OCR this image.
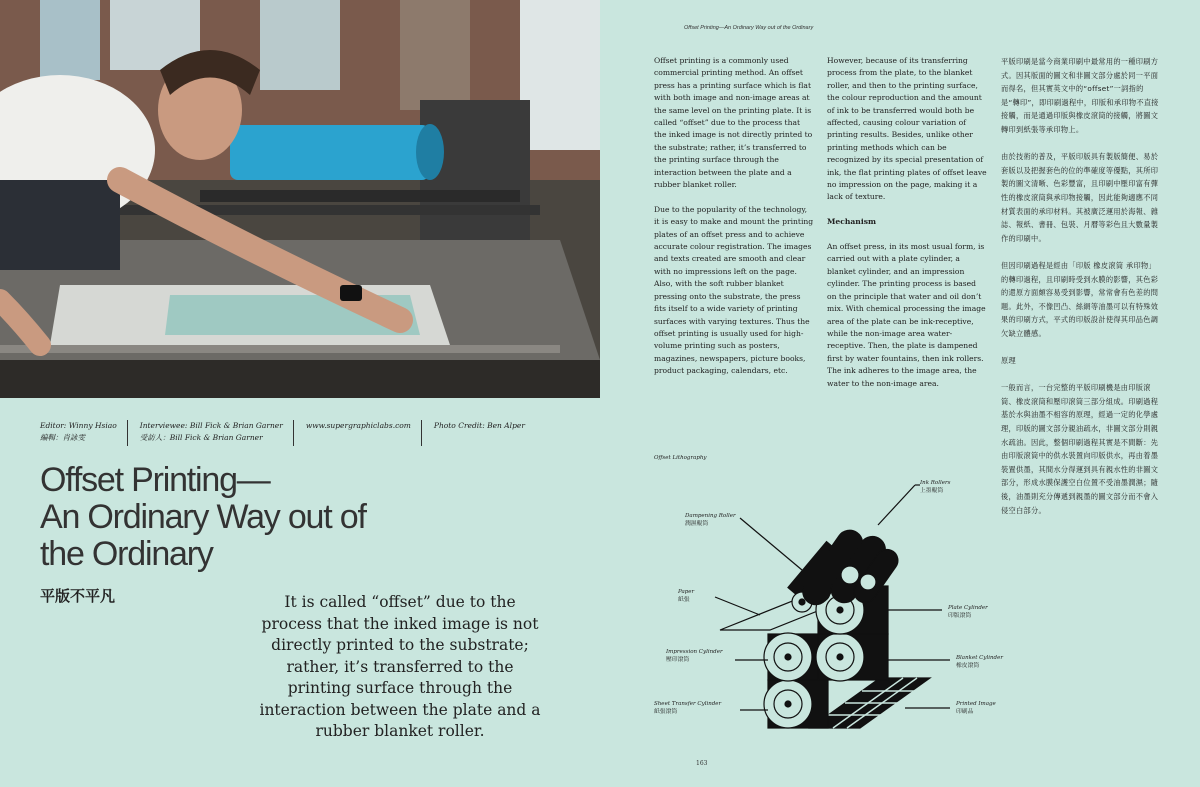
Editor: Winny Hsiao
編輯：肖詠雯
Interviewee: Bill Fick & Brian Garner
受訪人：Bill Fick & Brian Garner
www.supergraphiclabs.com	Photo Credit: Ben Alper
Offset Printing—
An Ordinary Way out of
the Ordinary
平版不平凡	It is called “offset” due to the process that the inked image is not directly printed to the substrate; rather, it’s transferred to the printing surface through the interaction between the plate and a rubber blanket roller.
Offset Printing—An Ordinary Way out of the Ordinary

Offset printing is a commonly used commercial printing method. An offset press has a printing surface which is flat with both image and non-image areas at the same level on the printing plate. It is called “offset” due to the process that the inked image is not directly printed to the substrate; rather, it’s transferred to the printing surface through the interaction between the plate and a rubber blanket roller.

Due to the popularity of the technology, it is easy to make and mount the printing plates of an offset press and to achieve accurate colour registration. The images and texts created are smooth and clear with no impressions left on the page. Also, with the soft rubber blanket pressing onto the substrate, the press fits itself to a wide variety of printing surfaces with varying textures. Thus the offset printing is usually used for high-volume printing such as posters, magazines, newspapers, picture books, product packaging, calendars, etc.

However, because of its transferring process from the plate, to the blanket roller, and then to the printing surface, the colour reproduction and the amount of ink to be transferred would both be affected, causing colour variation of printing results. Besides, unlike other printing methods which can be recognized by its special presentation of ink, the flat printing plates of offset leave no impression on the page, making it a lack of texture.

Mechanism

An offset press, in its most usual form, is carried out with a plate cylinder, a blanket cylinder, and an impression cylinder. The printing process is based on the principle that water and oil don’t mix. With chemical processing the image area of the plate can be ink-receptive, while the non-image area water-receptive. Then, the plate is dampened first by water fountains, then ink rollers. The ink adheres to the image area, the water to the non-image area.

平版印刷是當今商業印刷中最常用的一種印刷方式。因其版面的圖文和非圖文部分處於同一平面而得名，但其實英文中的“offset”一詞指的是“轉印”，即印刷過程中，印版和承印物不直接接觸，而是通過印版與橡皮滾筒的接觸，將圖文轉印到紙張等承印物上。

由於技術的普及，平版印版具有製版簡便、易於套版以及把握套色的位的準確度等優點，其所印製的圖文清晰、色彩豐富，且印刷中壓印富有彈性的橡皮滾筒與承印物接觸，因此能夠適應不同材質表面的承印材料。其被廣泛運用於海報、雜誌、報紙、書冊、包裝、月曆等彩色且大數量製作的印刷中。

但因印刷過程是經由「印版 橡皮滾筒 承印物」的轉印過程，且印刷時受到水膜的影響，其色彩的還原方面頗容易受到影響，常常會有色差的問題。此外，不像凹凸、絲網等油墨可以有特殊效果的印刷方式，平式的印版設計使得其印品色調欠缺立體感。

原理

一般而言，一台完整的平版印刷機是由印版滾筒、橡皮滾筒和壓印滾筒三部分組成。印刷過程基於水與油墨不相容的原理，經過一定的化學處理，印版的圖文部分親油疏水，非圖文部分則親水疏油。因此，整個印刷過程其實是不間斷：先由印版滾筒中的供水裝置向印版供水，再由着墨裝置供墨，其間水分得運到具有親水性的非圖文部分，形成水膜保護空白位置不受油墨潤濕；隨後，油墨則充分傳遞到親墨的圖文部分而不會入侵空白部分。

Offset Lithography
Ink Rollers
上墨輥筒
Dampening Roller
潤濕輥筒
Paper
紙張
Plate Cylinder
印版滾筒
Impression Cylinder
壓印滾筒	Blanket Cylinder
橡皮滾筒
Sheet Transfer Cylinder
紙張滾筒
Printed Image
印刷品
163
